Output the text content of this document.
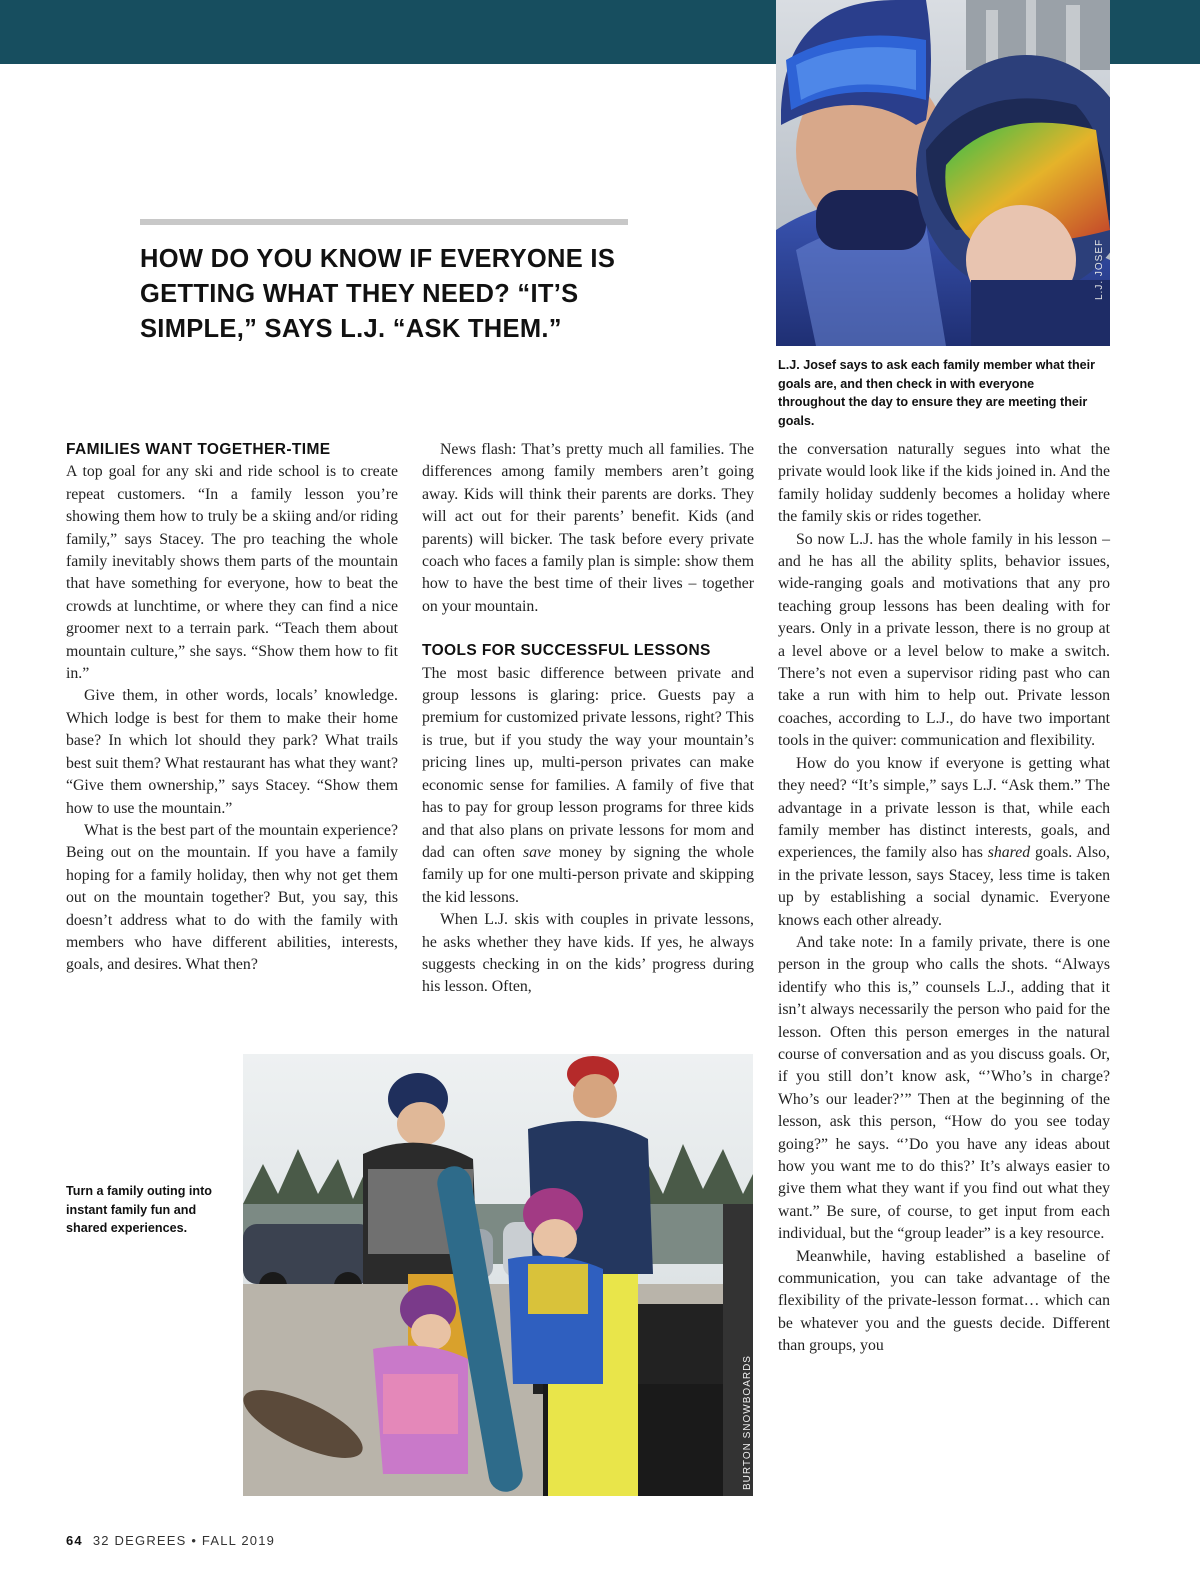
L.J. JOSEF
L.J. Josef says to ask each family member what their goals are, and then check in with everyone throughout the day to ensure they are meeting their goals.
HOW DO YOU KNOW IF EVERYONE IS GETTING WHAT THEY NEED? “IT’S SIMPLE,” SAYS L.J. “ASK THEM.”
FAMILIES WANT TOGETHER-TIME

A top goal for any ski and ride school is to create repeat customers. “In a family lesson you’re showing them how to truly be a skiing and/or riding family,” says Stacey. The pro teaching the whole family inevitably shows them parts of the mountain that have something for everyone, how to beat the crowds at lunchtime, or where they can find a nice groomer next to a terrain park. “Teach them about mountain culture,” she says. “Show them how to fit in.”

Give them, in other words, locals’ knowledge. Which lodge is best for them to make their home base? In which lot should they park? What trails best suit them? What restaurant has what they want? “Give them ownership,” says Stacey. “Show them how to use the mountain.”

What is the best part of the mountain experience? Being out on the mountain. If you have a family hoping for a family holiday, then why not get them out on the mountain together? But, you say, this doesn’t address what to do with the family with members who have different abilities, interests, goals, and desires. What then?

News flash: That’s pretty much all families. The differences among family members aren’t going away. Kids will think their parents are dorks. They will act out for their parents’ benefit. Kids (and parents) will bicker. The task before every private coach who faces a family plan is simple: show them how to have the best time of their lives – together on your mountain.

TOOLS FOR SUCCESSFUL LESSONS

The most basic difference between private and group lessons is glaring: price. Guests pay a premium for customized private lessons, right? This is true, but if you study the way your mountain’s pricing lines up, multi-person privates can make economic sense for families. A family of five that has to pay for group lesson programs for three kids and that also plans on private lessons for mom and dad can often save money by signing the whole family up for one multi-person private and skipping the kid lessons.

When L.J. skis with couples in private lessons, he asks whether they have kids. If yes, he always suggests checking in on the kids’ progress during his lesson. Often,

the conversation naturally segues into what the private would look like if the kids joined in. And the family holiday suddenly becomes a holiday where the family skis or rides together.

So now L.J. has the whole family in his lesson – and he has all the ability splits, behavior issues, wide-ranging goals and motivations that any pro teaching group lessons has been dealing with for years. Only in a private lesson, there is no group at a level above or a level below to make a switch. There’s not even a supervisor riding past who can take a run with him to help out. Private lesson coaches, according to L.J., do have two important tools in the quiver: communication and flexibility.

How do you know if everyone is getting what they need? “It’s simple,” says L.J. “Ask them.” The advantage in a private lesson is that, while each family member has distinct interests, goals, and experiences, the family also has shared goals. Also, in the private lesson, says Stacey, less time is taken up by establishing a social dynamic. Everyone knows each other already.

And take note: In a family private, there is one person in the group who calls the shots. “Always identify who this is,” counsels L.J., adding that it isn’t always necessarily the person who paid for the lesson. Often this person emerges in the natural course of conversation and as you discuss goals. Or, if you still don’t know ask, “’Who’s in charge? Who’s our leader?’” Then at the beginning of the lesson, ask this person, “How do you see today going?” he says. “’Do you have any ideas about how you want me to do this?’ It’s always easier to give them what they want if you find out what they want.” Be sure, of course, to get input from each individual, but the “group leader” is a key resource.

Meanwhile, having established a baseline of communication, you can take advantage of the flexibility of the private-lesson format… which can be whatever you and the guests decide. Different than groups, you

BURTON SNOWBOARDS
Turn a family outing into instant family fun and shared experiences.
64 32 DEGREES • FALL 2019
